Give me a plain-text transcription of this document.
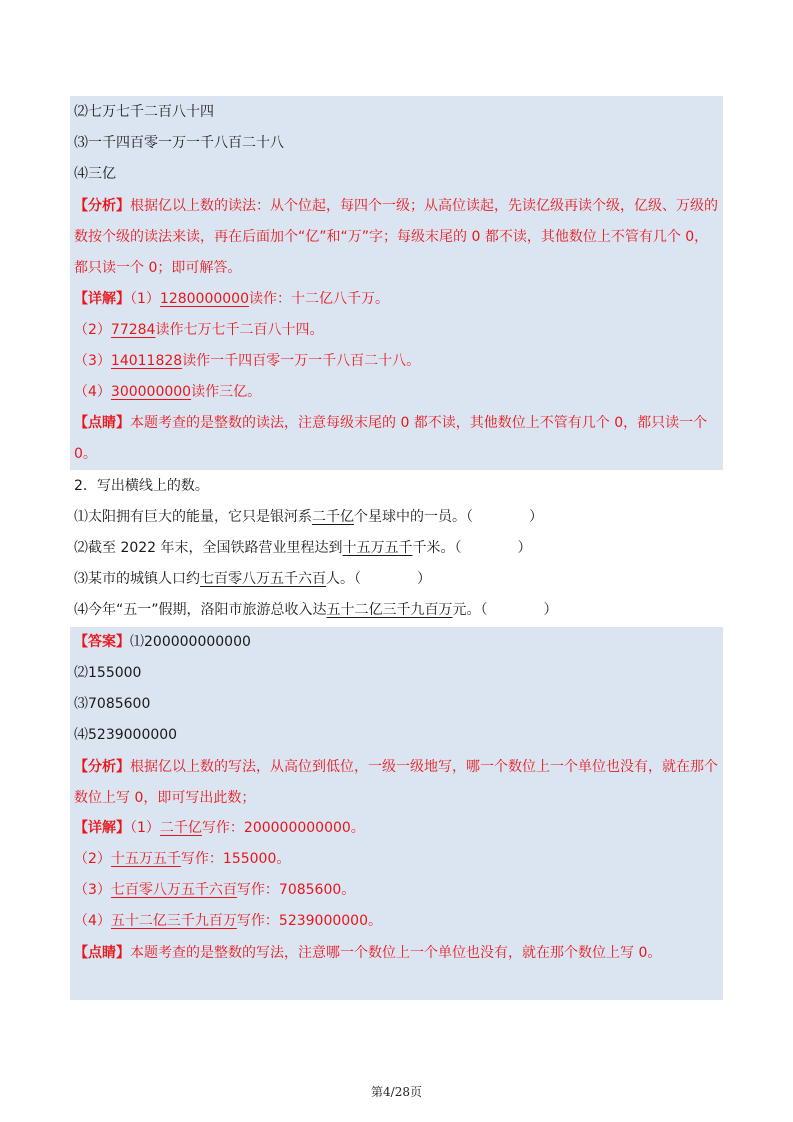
⑵七万七千二百八十四
⑶一千四百零一万一千八百二十八
⑷三亿
【分析】根据亿以上数的读法：从个位起，每四个一级；从高位读起，先读亿级再读个级，亿级、万级的数按个级的读法来读，再在后面加个“亿”和“万”字；每级末尾的 0 都不读，其他数位上不管有几个 0，都只读一个 0；即可解答。
【详解】（1）1280000000读作：十二亿八千万。
（2）77284读作七万七千二百八十四。
（3）14011828读作一千四百零一万一千八百二十八。
（4）300000000读作三亿。
【点睛】本题考查的是整数的读法，注意每级末尾的 0 都不读，其他数位上不管有几个 0，都只读一个 0。
2．写出横线上的数。
⑴太阳拥有巨大的能量，它只是银河系二千亿个星球中的一员。（　　　　）
⑵截至 2022 年末，全国铁路营业里程达到十五万五千千米。（　　　　）
⑶某市的城镇人口约七百零八万五千六百人。（　　　　）
⑷今年“五一”假期，洛阳市旅游总收入达五十二亿三千九百万元。（　　　　）
【答案】⑴200000000000
⑵155000
⑶7085600
⑷5239000000
【分析】根据亿以上数的写法，从高位到低位，一级一级地写，哪一个数位上一个单位也没有，就在那个数位上写 0，即可写出此数；
【详解】（1）二千亿写作：200000000000。
（2）十五万五千写作：155000。
（3）七百零八万五千六百写作：7085600。
（4）五十二亿三千九百万写作：5239000000。
【点睛】本题考查的是整数的写法，注意哪一个数位上一个单位也没有，就在那个数位上写 0。
第4/28页
